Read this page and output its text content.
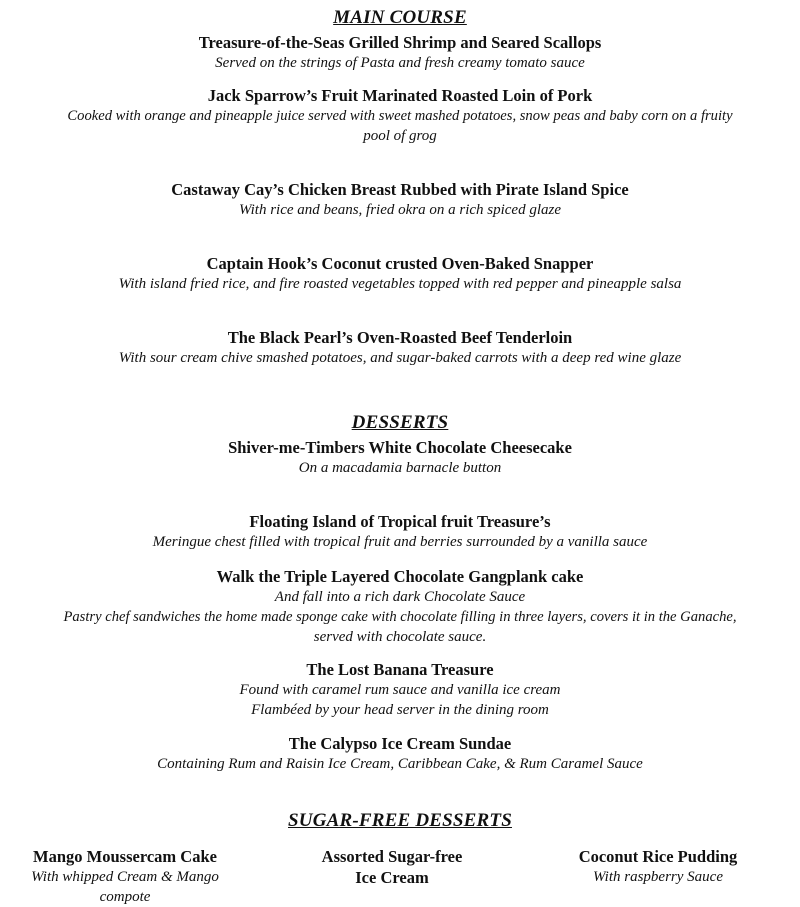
MAIN COURSE
Treasure-of-the-Seas Grilled Shrimp and Seared Scallops
Served on the strings of Pasta and fresh creamy tomato sauce
Jack Sparrow’s Fruit Marinated Roasted Loin of Pork
Cooked with orange and pineapple juice served with sweet mashed potatoes, snow peas and baby corn on a fruity
pool of grog
Castaway Cay’s Chicken Breast Rubbed with Pirate Island Spice
With rice and beans, fried okra on a rich spiced glaze
Captain Hook’s Coconut crusted Oven-Baked Snapper
With island fried rice, and fire roasted vegetables topped with red pepper and pineapple salsa
The Black Pearl’s Oven-Roasted Beef Tenderloin
With sour cream chive smashed potatoes, and sugar-baked carrots with a deep red wine glaze
DESSERTS
Shiver-me-Timbers White Chocolate Cheesecake
On a macadamia barnacle button
Floating Island of Tropical fruit Treasure’s
Meringue chest filled with tropical fruit and berries surrounded by a vanilla sauce
Walk the Triple Layered Chocolate Gangplank cake
And fall into a rich dark Chocolate Sauce
Pastry chef sandwiches the home made sponge cake with chocolate filling in three layers, covers it in the Ganache,
served with chocolate sauce.
The Lost Banana Treasure
Found with caramel rum sauce and vanilla ice cream
Flambéed by your head server in the dining room
The Calypso Ice Cream Sundae
Containing Rum and Raisin Ice Cream, Caribbean Cake, & Rum Caramel Sauce
SUGAR-FREE DESSERTS
Mango Moussercam Cake
With whipped Cream & Mango
compote
Assorted Sugar-free
Ice Cream
Coconut Rice Pudding
With raspberry Sauce
